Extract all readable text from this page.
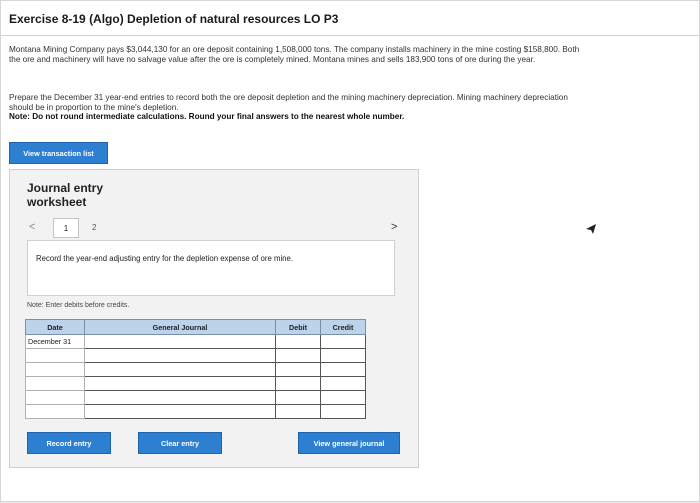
Exercise 8-19 (Algo) Depletion of natural resources LO P3
Montana Mining Company pays $3,044,130 for an ore deposit containing 1,508,000 tons. The company installs machinery in the mine costing $158,800. Both the ore and machinery will have no salvage value after the ore is completely mined. Montana mines and sells 183,900 tons of ore during the year.
Prepare the December 31 year-end entries to record both the ore deposit depletion and the mining machinery depreciation. Mining machinery depreciation should be in proportion to the mine's depletion.
Note: Do not round intermediate calculations. Round your final answers to the nearest whole number.
View transaction list
Journal entry
worksheet
<	1	2	>
Record the year-end adjusting entry for the depletion expense of ore mine.
Note: Enter debits before credits.
Date	General Journal	Debit	Credit
December 31			

Record entry	Clear entry	View general journal
